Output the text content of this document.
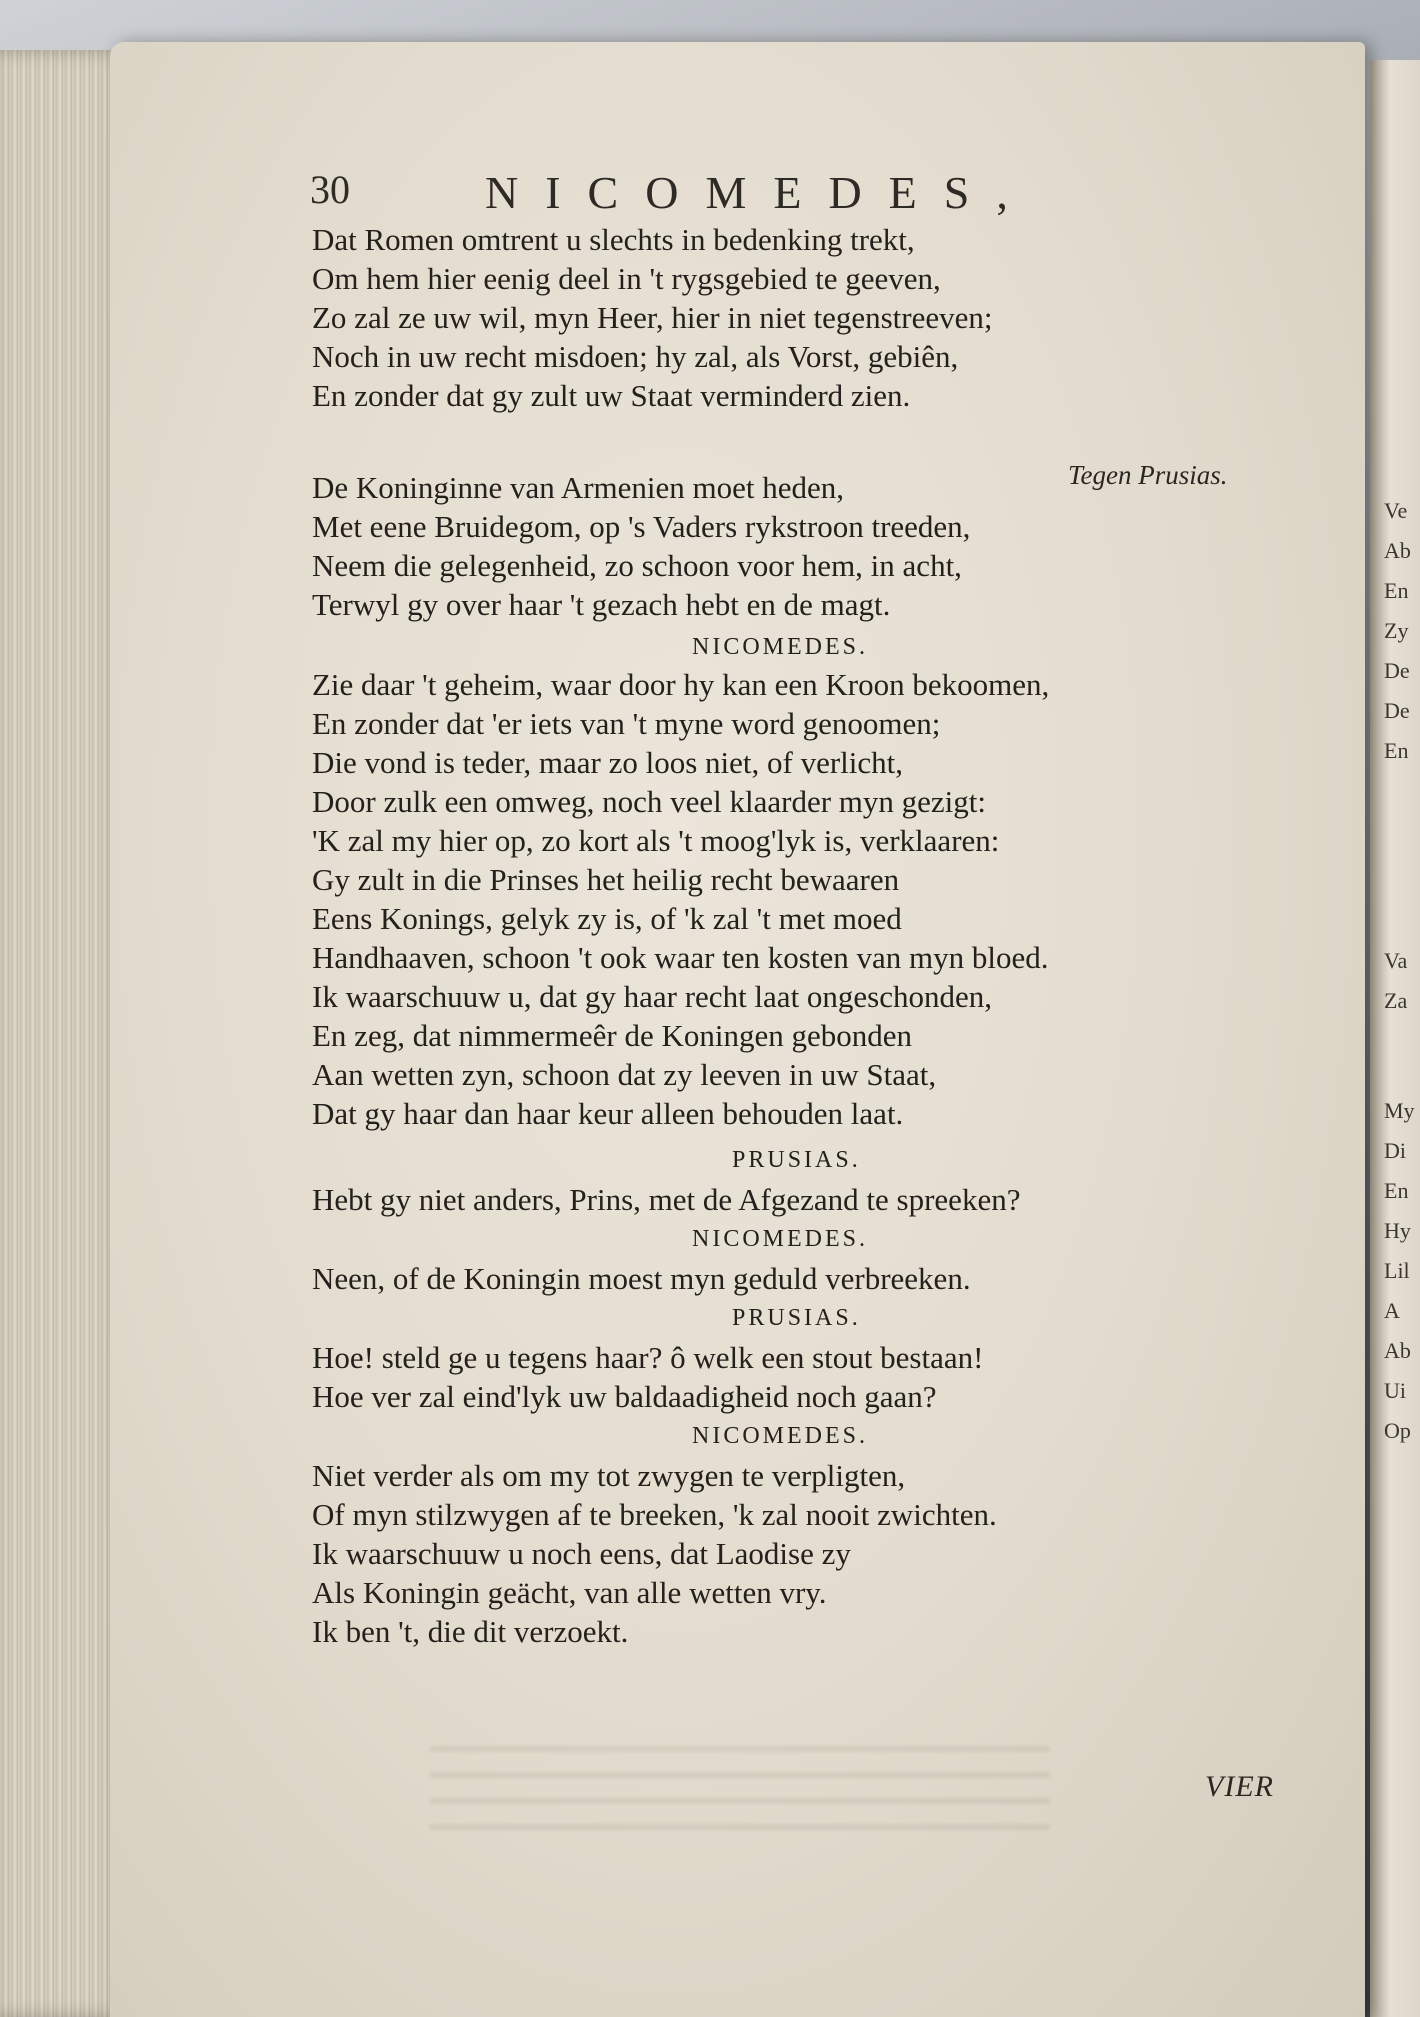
Ve
Ab
En
Zy
De
De
En
Va
Za
My
Di
En
Hy
Lil
A
Ab
Ui
Op
30	NICOMEDES,
Tegen Prusias.
Dat Romen omtrent u slechts in bedenking trekt,
Om hem hier eenig deel in 't rygsgebied te geeven,
Zo zal ze uw wil, myn Heer, hier in niet tegenstreeven;
Noch in uw recht misdoen; hy zal, als Vorst, gebiên,
En zonder dat gy zult uw Staat verminderd zien.
De Koninginne van Armenien moet heden,
Met eene Bruidegom, op 's Vaders rykstroon treeden,
Neem die gelegenheid, zo schoon voor hem, in acht,
Terwyl gy over haar 't gezach hebt en de magt.
NICOMEDES.
Zie daar 't geheim, waar door hy kan een Kroon bekoomen,
En zonder dat 'er iets van 't myne word genoomen;
Die vond is teder, maar zo loos niet, of verlicht,
Door zulk een omweg, noch veel klaarder myn gezigt:
'K zal my hier op, zo kort als 't moog'lyk is, verklaaren:
Gy zult in die Prinses het heilig recht bewaaren
Eens Konings, gelyk zy is, of 'k zal 't met moed
Handhaaven, schoon 't ook waar ten kosten van myn bloed.
Ik waarschuuw u, dat gy haar recht laat ongeschonden,
En zeg, dat nimmermeêr de Koningen gebonden
Aan wetten zyn, schoon dat zy leeven in uw Staat,
Dat gy haar dan haar keur alleen behouden laat.
PRUSIAS.
Hebt gy niet anders, Prins, met de Afgezand te spreeken?
NICOMEDES.
Neen, of de Koningin moest myn geduld verbreeken.
PRUSIAS.
Hoe! steld ge u tegens haar? ô welk een stout bestaan!
Hoe ver zal eind'lyk uw baldaadigheid noch gaan?
NICOMEDES.
Niet verder als om my tot zwygen te verpligten,
Of myn stilzwygen af te breeken, 'k zal nooit zwichten.
Ik waarschuuw u noch eens, dat Laodise zy
Als Koningin geächt, van alle wetten vry.
Ik ben 't, die dit verzoekt.
VIER
